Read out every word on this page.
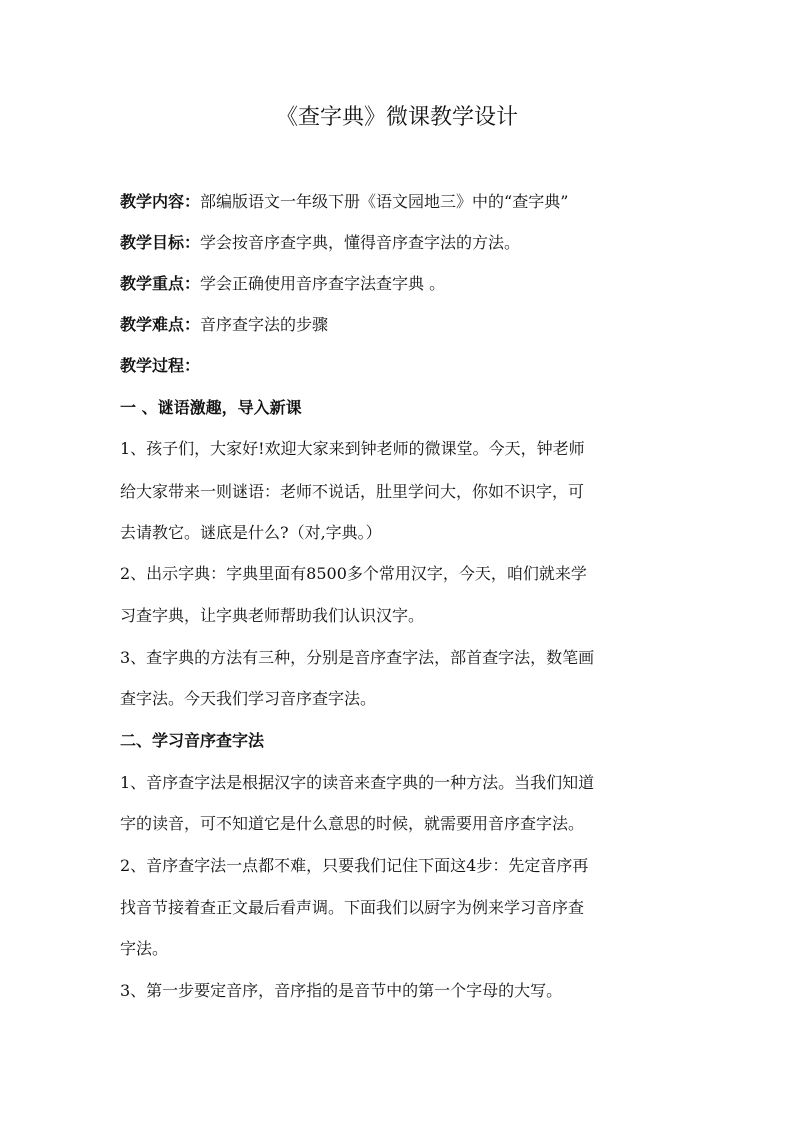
《查字典》微课教学设计
教学内容：部编版语文一年级下册《语文园地三》中的“查字典”
教学目标：学会按音序查字典，懂得音序查字法的方法。
教学重点：学会正确使用音序查字法查字典 。
教学难点：音序查字法的步骤
教学过程：
一 、谜语激趣，导入新课
1、孩子们，大家好!欢迎大家来到钟老师的微课堂。今天，钟老师
给大家带来一则谜语：老师不说话，肚里学问大，你如不识字，可
去请教它。谜底是什么?（对,字典。）
2、出示字典：字典里面有8500多个常用汉字，今天，咱们就来学
习查字典，让字典老师帮助我们认识汉字。
3、查字典的方法有三种，分别是音序查字法，部首查字法，数笔画
查字法。今天我们学习音序查字法。
二、学习音序查字法
1、音序查字法是根据汉字的读音来查字典的一种方法。当我们知道
字的读音，可不知道它是什么意思的时候，就需要用音序查字法。
2、音序查字法一点都不难，只要我们记住下面这4步：先定音序再
找音节接着查正文最后看声调。下面我们以厨字为例来学习音序查
字法。
3、第一步要定音序，音序指的是音节中的第一个字母的大写。
